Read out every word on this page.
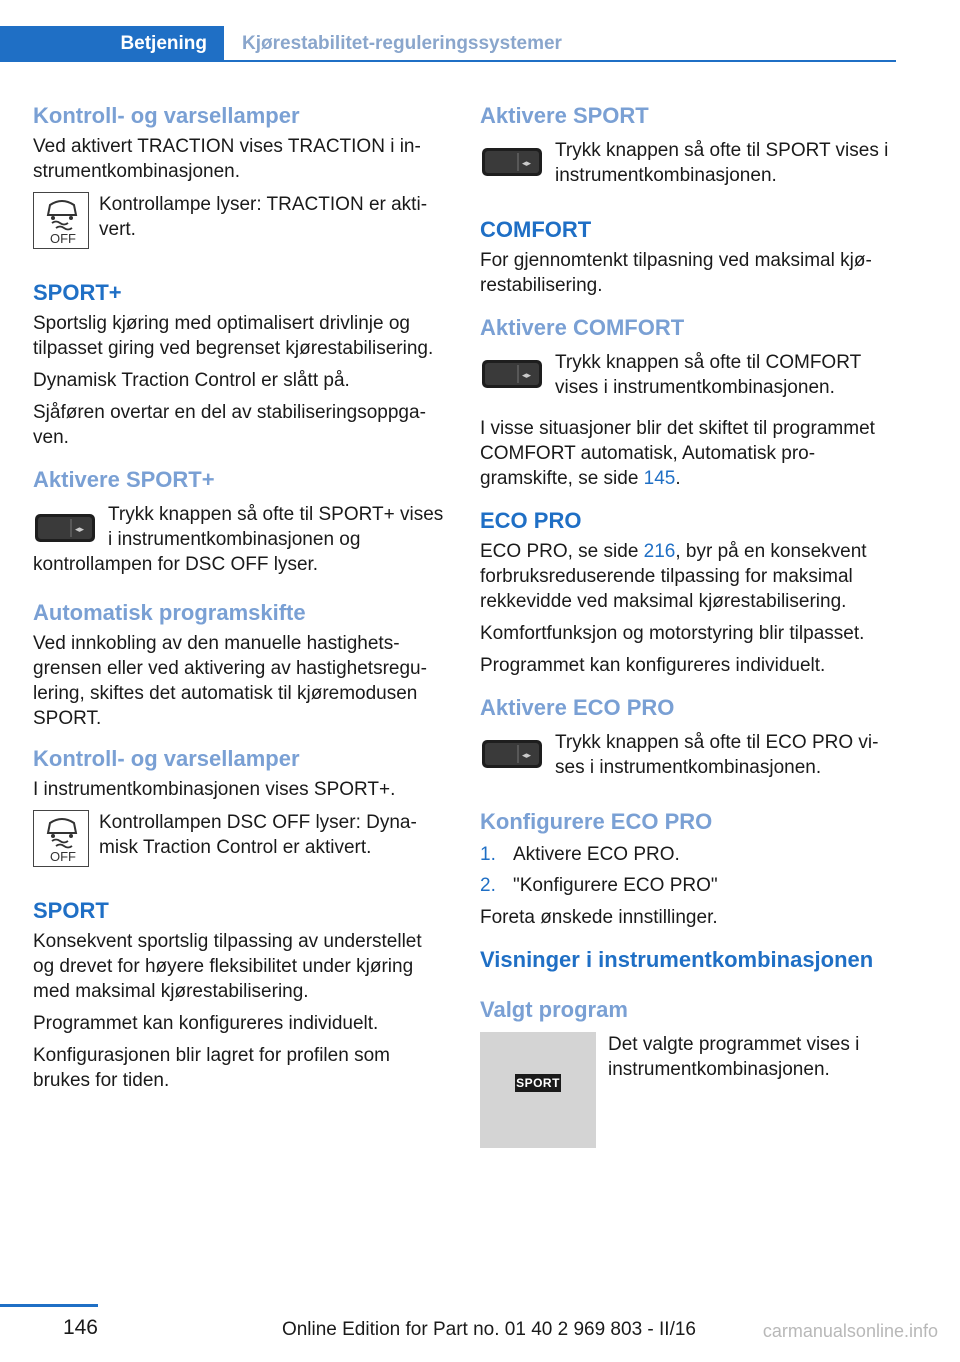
Betjening	Kjørestabilitet-reguleringssystemer
Kontroll- og varsellamper

Ved aktivert TRACTION vises TRACTION i instrumentkombinasjonen.

OFF
Kontrollampe lyser: TRACTION er aktivert.
SPORT+

Sportslig kjøring med optimalisert drivlinje og tilpasset giring ved begrenset kjørestabilisering.

Dynamisk Traction Control er slått på.

Sjåføren overtar en del av stabiliseringsoppgaven.

Aktivere SPORT+
◂▸
Trykk knappen så ofte til SPORT+ vises i instrumentkombinasjonen og kontrollampen for DSC OFF lyser.
Automatisk programskifte

Ved innkobling av den manuelle hastighetsgrensen eller ved aktivering av hastighetsregulering, skiftes det automatisk til kjøremodusen SPORT.

Kontroll- og varsellamper

I instrumentkombinasjonen vises SPORT+.

OFF
Kontrollampen DSC OFF lyser: Dynamisk Traction Control er aktivert.
SPORT

Konsekvent sportslig tilpassing av understellet og drevet for høyere fleksibilitet under kjøring med maksimal kjørestabilisering.

Programmet kan konfigureres individuelt.

Konfigurasjonen blir lagret for profilen som brukes for tiden.

Aktivere SPORT
◂▸
Trykk knappen så ofte til SPORT vises i instrumentkombinasjonen.
COMFORT

For gjennomtenkt tilpasning ved maksimal kjørestabilisering.

Aktivere COMFORT
◂▸
Trykk knappen så ofte til COMFORT vises i instrumentkombinasjonen.

I visse situasjoner blir det skiftet til programmet COMFORT automatisk, Automatisk programskifte, se side 145.

ECO PRO

ECO PRO, se side 216, byr på en konsekvent forbruksreduserende tilpassing for maksimal rekkevidde ved maksimal kjørestabilisering.

Komfortfunksjon og motorstyring blir tilpasset.

Programmet kan konfigureres individuelt.

Aktivere ECO PRO
◂▸
Trykk knappen så ofte til ECO PRO vises i instrumentkombinasjonen.
Konfigurere ECO PRO
1. Aktivere ECO PRO.
2. "Konfigurere ECO PRO"

Foreta ønskede innstillinger.

Visninger i instrumentkombinasjonen
Valgt program
SPORT
Det valgte programmet vises i instrumentkombinasjonen.
146	Online Edition for Part no. 01 40 2 969 803 - II/16	carmanualsonline.info
